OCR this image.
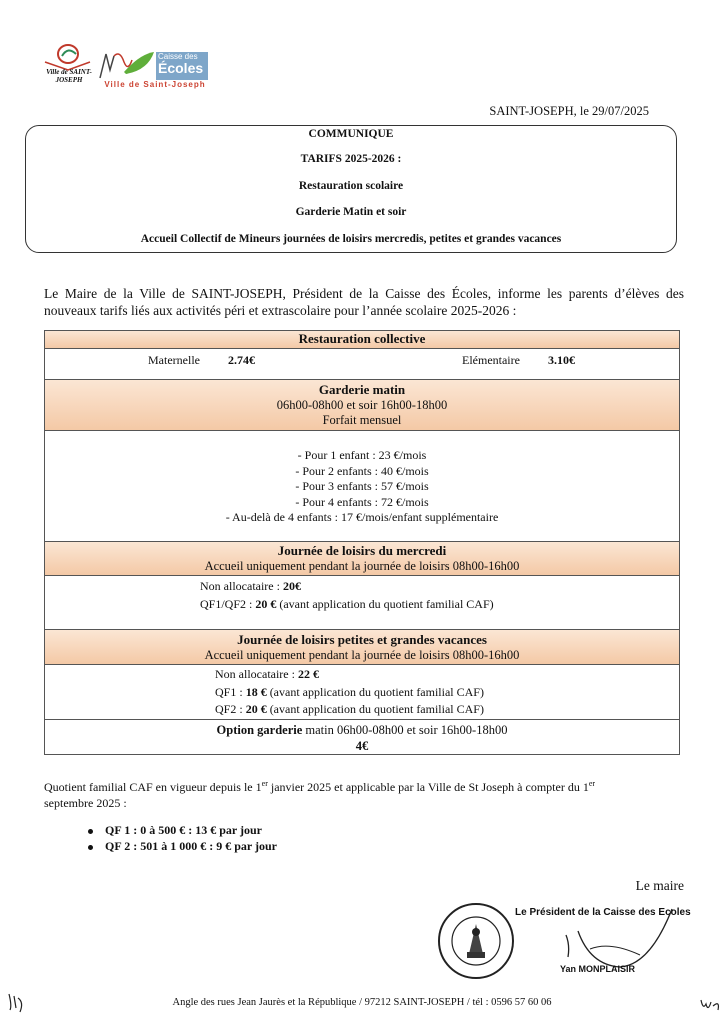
Ville de SAINT-JOSEPH
Caisse des
Écoles
Ville de Saint-Joseph
SAINT-JOSEPH, le 29/07/2025
COMMUNIQUE
TARIFS 2025-2026 :
Restauration scolaire
Garderie Matin et soir
Accueil Collectif de Mineurs journées de loisirs mercredis, petites et grandes vacances
Le Maire de la Ville de SAINT-JOSEPH, Président de la Caisse des Écoles, informe les parents d’élèves des nouveaux tarifs liés aux activités péri et extrascolaire pour l’année scolaire 2025-2026 :
Restauration collective
Maternelle 2.74€	Elémentaire 3.10€
Garderie matin
06h00-08h00 et soir 16h00-18h00
Forfait mensuel
- Pour 1 enfant : 23 €/mois
- Pour 2 enfants : 40 €/mois
- Pour 3 enfants : 57 €/mois
- Pour 4 enfants : 72 €/mois
- Au-delà de 4 enfants : 17 €/mois/enfant supplémentaire
Journée de loisirs du mercredi
Accueil uniquement pendant la journée de loisirs 08h00-16h00
Non allocataire : 20€
QF1/QF2 : 20 € (avant application du quotient familial CAF)
Journée de loisirs petites et grandes vacances
Accueil uniquement pendant la journée de loisirs 08h00-16h00
Non allocataire : 22 €
QF1 : 18 € (avant application du quotient familial CAF)
QF2 : 20 € (avant application du quotient familial CAF)
Option garderie matin 06h00-08h00 et soir 16h00-18h00
4€
Quotient familial CAF en vigueur depuis le 1er janvier 2025 et applicable par la Ville de St Joseph à compter du 1er
septembre 2025 :
QF 1 : 0 à 500 € : 13 € par jour
QF 2 : 501 à 1 000 € : 9 € par jour
Le maire
Le Président de la Caisse des Ecoles
Yan MONPLAISIR
Angle des rues Jean Jaurès et la République / 97212 SAINT-JOSEPH / tél : 0596 57 60 06
